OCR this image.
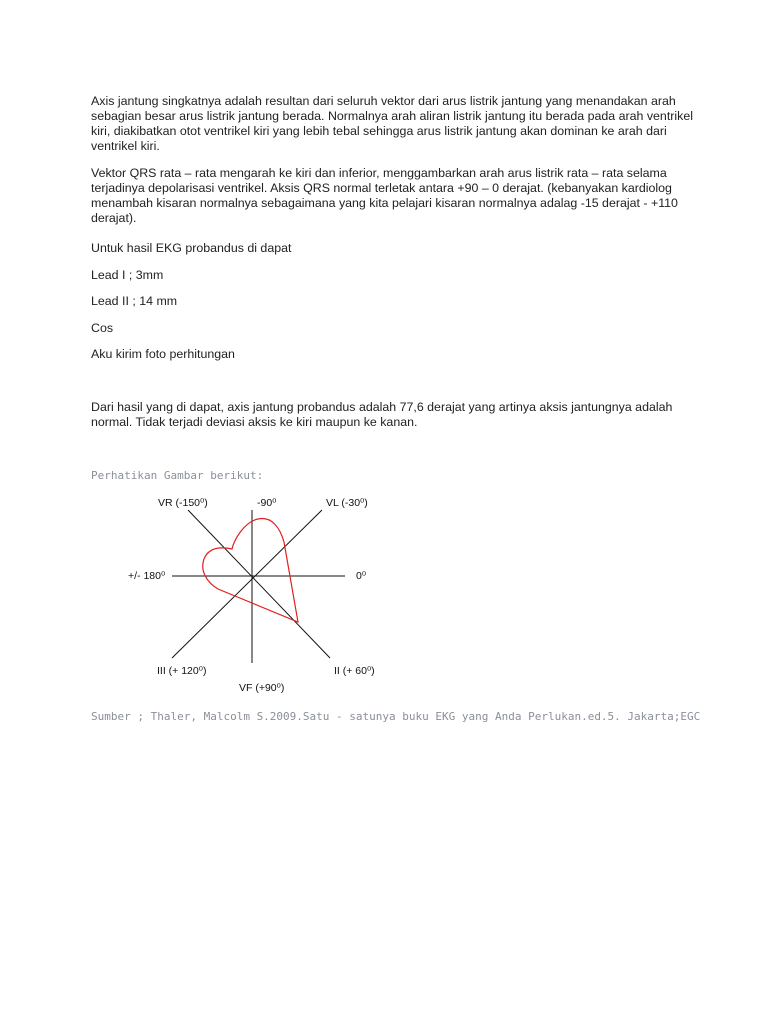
Axis jantung singkatnya adalah resultan dari seluruh vektor dari arus listrik jantung yang menandakan arah sebagian besar arus listrik jantung berada. Normalnya arah aliran listrik jantung itu berada pada arah ventrikel kiri, diakibatkan otot ventrikel kiri yang lebih tebal sehingga arus listrik jantung akan dominan ke arah dari ventrikel kiri.

Vektor QRS rata – rata mengarah ke kiri dan inferior, menggambarkan arah arus listrik rata – rata selama terjadinya depolarisasi ventrikel. Aksis QRS normal terletak antara +90 – 0 derajat. (kebanyakan kardiolog menambah kisaran normalnya sebagaimana yang kita pelajari kisaran normalnya adalag -15 derajat - +110 derajat).

Untuk hasil EKG probandus di dapat

Lead I ; 3mm

Lead II ; 14 mm

Cos

Aku kirim foto perhitungan

Dari hasil yang di dapat, axis jantung probandus adalah 77,6 derajat yang artinya aksis jantungnya adalah normal. Tidak terjadi deviasi aksis ke kiri maupun ke kanan.

Perhatikan Gambar berikut:
VR (-150⁰)	-90⁰	VL (-30⁰)
+/- 180⁰	0⁰
III (+ 120⁰)	II (+ 60⁰)
VF (+90⁰)
Sumber ; Thaler, Malcolm S.2009.Satu - satunya buku EKG yang Anda Perlukan.ed.5. Jakarta;EGC
